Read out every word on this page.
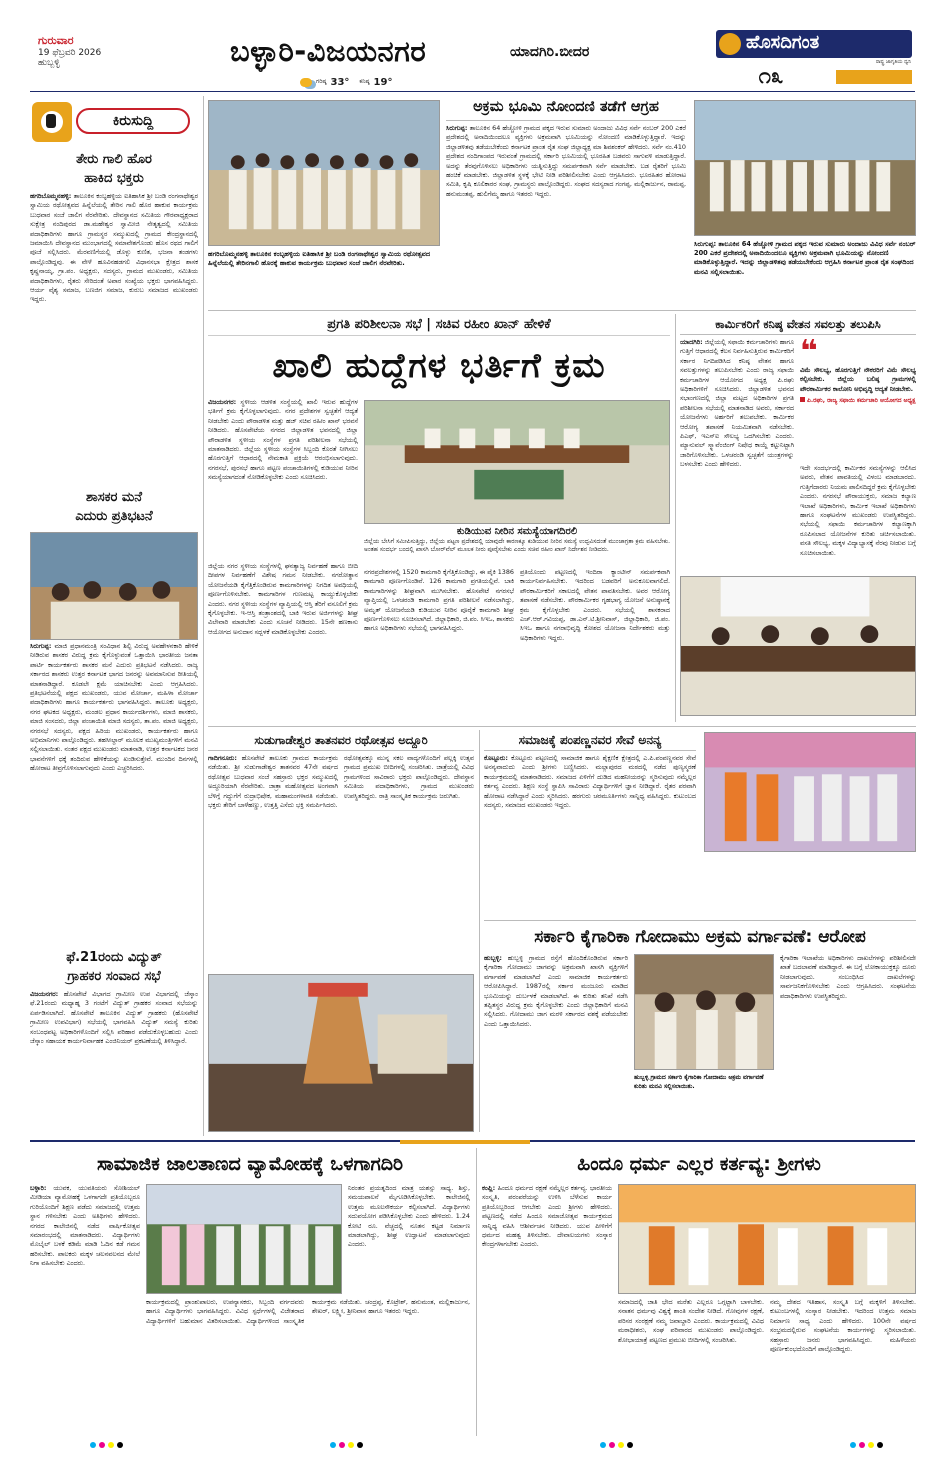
ಗುರುವಾರ
19 ಫೆಬ್ರವರಿ 2026
ಹುಬ್ಬಳ್ಳಿ	ಬಳ್ಳಾರಿ-ವಿಜಯನಗರ	ಯಾದಗಿರಿ.ಬೀದರ
ಗರಿಷ್ಠ 33° ಕನಿಷ್ಠ 19°
ಹೊಸದಿಗಂತ
ರಾಷ್ಟ್ರ ಜಾಗೃತಿಯ ಧ್ವನಿ
೧೩
ಕಿರುಸುದ್ದಿ
ತೇರು ಗಾಲಿ ಹೊರ
ಹಾಕಿದ ಭಕ್ತರು
ಹಗರಿಬೊಮ್ಮನಹಳ್ಳಿ: ತಾಲೂಕಿನ ಕಂಬ್ಳಹಳ್ಳಿಯ ಐತಿಹಾಸಿಕ ಶ್ರೀ ಬಂಡಿ ರಂಗನಾಥೇಶ್ವರ ಸ್ವಾಮಿಯ ರಥೋತ್ಸವದ ಹಿನ್ನೆಲೆಯಲ್ಲಿ ತೇರಿನ ಗಾಲಿ ಹೊರ ಹಾಕುವ ಕಾರ್ಯಕ್ರಮ ಬುಧವಾರ ಸಂಜೆ ಜಾಲಿಗ ನೆರವೇರಿತು. ದೇವಸ್ಥಾನದ ಸಮಿತಿಯ ಗೌರವಾಧ್ಯಕ್ಷರಾದ ಸುಕ್ಷೇತ್ರ ನಂದಿಪುರದ ಡಾ.ಮಹೇಶ್ವರ ಸ್ವಾಮೀಜಿ ನೇತೃತ್ವದಲ್ಲಿ ಸಮಿತಿಯ ಪದಾಧಿಕಾರಿಗಳು ಹಾಗೂ ಗ್ರಾಮಸ್ಥರ ಸಮ್ಮುಖದಲ್ಲಿ ಗ್ರಾಮದ ಕೇಂದ್ರಸ್ಥಾನದಲ್ಲಿ ಜಮಾಯಿಸಿ ದೇವಸ್ಥಾನದ ಮುಂಭಾಗದಲ್ಲಿ ಸಮಾವೇಶಗೊಂಡು ಹೊಸ ರಥದ ಗಾಲಿಗೆ ಪೂಜೆ ಸಲ್ಲಿಸಿದರು. ಮೆರವಣಿಗೆಯಲ್ಲಿ ಡೊಳ್ಳು ಕುಣಿತ, ಭಜನಾ ತಂಡಗಳು ಪಾಲ್ಗೊಂಡಿದ್ದವು. ಈ ವೇಳೆ ಹೂವಿನಹಡಗಲಿ ವಿಧಾನಸಭಾ ಕ್ಷೇತ್ರದ ಶಾಸಕ ಕೃಷ್ಣನಾಯ್ಕ, ಗ್ರಾ.ಪಂ. ಅಧ್ಯಕ್ಷರು, ಸದಸ್ಯರು, ಗ್ರಾಮದ ಮುಖಂಡರು, ಸಮಿತಿಯ ಪದಾಧಿಕಾರಿಗಳು, ರೈತರು ಸೇರಿದಂತೆ ಅಪಾರ ಸಂಖ್ಯೆಯ ಭಕ್ತರು ಭಾಗವಹಿಸಿದ್ದರು. ಆರ್ಯ ವೈಶ್ಯ ಸಮಾಜ, ಬಣಜಿಗ ಸಮಾಜ, ಕುರುಬ ಸಮಾಜದ ಮುಖಂಡರು ಇದ್ದರು.
ಶಾಸಕರ ಮನೆ
ಎದುರು ಪ್ರತಿಭಟನೆ
ಸಿರುಗುಪ್ಪ: ಮಾಜಿ ಪ್ರಧಾನಮಂತ್ರಿ ಸಂವಿಧಾನ ಶಿಲ್ಪಿ ವಿರುದ್ಧ ಅವಹೇಳನಕಾರಿ ಹೇಳಿಕೆ ನೀಡಿರುವ ಶಾಸಕರ ವಿರುದ್ಧ ಕ್ರಮ ಕೈಗೊಳ್ಳುವಂತೆ ಒತ್ತಾಯಿಸಿ ಭಾರತೀಯ ಜನತಾ ಪಾರ್ಟಿ ಕಾರ್ಯಕರ್ತರು ಶಾಸಕರ ಮನೆ ಎದುರು ಪ್ರತಿಭಟನೆ ನಡೆಸಿದರು. ರಾಜ್ಯ ಸರ್ಕಾರದ ಶಾಸಕರು ಉತ್ತರ ಕರ್ನಾಟಕ ಭಾಗದ ಜನರನ್ನು ಅವಮಾನಿಸುವ ರೀತಿಯಲ್ಲಿ ಮಾತನಾಡಿದ್ದಾರೆ. ಕೂಡಲೇ ಕ್ಷಮೆ ಯಾಚಿಸಬೇಕು ಎಂದು ಆಗ್ರಹಿಸಿದರು. ಪ್ರತಿಭಟನೆಯಲ್ಲಿ ಪಕ್ಷದ ಮುಖಂಡರು, ಯುವ ಮೋರ್ಚಾ, ಮಹಿಳಾ ಮೋರ್ಚಾ ಪದಾಧಿಕಾರಿಗಳು ಹಾಗೂ ಕಾರ್ಯಕರ್ತರು ಭಾಗವಹಿಸಿದ್ದರು. ತಾಲೂಕು ಅಧ್ಯಕ್ಷರು, ನಗರ ಘಟಕದ ಅಧ್ಯಕ್ಷರು, ಮಂಡಲ ಪ್ರಧಾನ ಕಾರ್ಯದರ್ಶಿಗಳು, ಮಾಜಿ ಶಾಸಕರು, ಮಾಜಿ ಸಂಸದರು, ಜಿಲ್ಲಾ ಪಂಚಾಯಿತಿ ಮಾಜಿ ಸದಸ್ಯರು, ತಾ.ಪಂ. ಮಾಜಿ ಅಧ್ಯಕ್ಷರು, ನಗರಸಭೆ ಸದಸ್ಯರು, ಪಕ್ಷದ ಹಿರಿಯ ಮುಖಂಡರು, ಕಾರ್ಯಕರ್ತರು ಹಾಗೂ ಅಭಿಮಾನಿಗಳು ಪಾಲ್ಗೊಂಡಿದ್ದರು. ತಹಸೀಲ್ದಾರ್ ಮೂಲಕ ಮುಖ್ಯಮಂತ್ರಿಗಳಿಗೆ ಮನವಿ ಸಲ್ಲಿಸಲಾಯಿತು. ನಂತರ ಪಕ್ಷದ ಮುಖಂಡರು ಮಾತನಾಡಿ, ಉತ್ತರ ಕರ್ನಾಟಕದ ಜನರ ಭಾವನೆಗಳಿಗೆ ಧಕ್ಕೆ ತಂದಿರುವ ಹೇಳಿಕೆಯನ್ನು ಖಂಡಿಸುತ್ತೇವೆ. ಮುಂದಿನ ದಿನಗಳಲ್ಲಿ ಹೋರಾಟ ತೀವ್ರಗೊಳಿಸಲಾಗುವುದು ಎಂದು ಎಚ್ಚರಿಸಿದರು.
ಫೆ.21ರಂದು ವಿದ್ಯುತ್
ಗ್ರಾಹಕರ ಸಂವಾದ ಸಭೆ
ವಿಜಯನಗರ: ಹೊಸಪೇಟೆ ವಿಭಾಗದ ಗ್ರಾಮೀಣ ಉಪ ವಿಭಾಗದಲ್ಲಿ ಜೆಸ್ಕಾಂ ಫೆ.21ರಂದು ಮಧ್ಯಾಹ್ನ 3 ಗಂಟೆಗೆ ವಿದ್ಯುತ್ ಗ್ರಾಹಕರ ಸಂವಾದ ಸಭೆಯನ್ನು ಏರ್ಪಡಿಸಲಾಗಿದೆ. ಹೊಸಪೇಟೆ ತಾಲೂಕಿನ ವಿದ್ಯುತ್ ಗ್ರಾಹಕರು (ಹೊಸಪೇಟೆ ಗ್ರಾಮೀಣ ಉಪವಿಭಾಗ) ಸಭೆಯಲ್ಲಿ ಭಾಗವಹಿಸಿ ವಿದ್ಯುತ್ ಸಮಸ್ಯೆ ಕುರಿತು ಸಂಬಂಧಪಟ್ಟ ಅಧಿಕಾರಿಗಳೊಂದಿಗೆ ಸಲ್ಲಿಸಿ ಪರಿಹಾರ ಪಡೆದುಕೊಳ್ಳಬಹುದು ಎಂದು ಜೆಸ್ಕಾಂ ಸಹಾಯಕ ಕಾರ್ಯನಿರ್ವಾಹಕ ಎಂಜಿನಿಯರ್ ಪ್ರಕಟಣೆಯಲ್ಲಿ ತಿಳಿಸಿದ್ದಾರೆ.
ಹಗರಿಬೊಮ್ಮನಹಳ್ಳಿ ತಾಲೂಕಿನ ಕಂಬ್ಳಹಳ್ಳಿಯ ಐತಿಹಾಸಿಕ ಶ್ರೀ ಬಂಡಿ ರಂಗನಾಥೇಶ್ವರ ಸ್ವಾಮಿಯ ರಥೋತ್ಸವದ ಹಿನ್ನೆಲೆಯಲ್ಲಿ ತೇರಿನಗಾಲಿ ಹೊರಕ್ಕೆ ಹಾಕುವ ಕಾರ್ಯಕ್ರಮ ಬುಧವಾರ ಸಂಜೆ ಜಾಲಿಗ ನೆರವೇರಿತು.
ಅಕ್ರಮ ಭೂಮಿ ನೋಂದಣಿ ತಡೆಗೆ ಆಗ್ರಹ
ಸಿರುಗುಪ್ಪ: ತಾಲೂಕಿನ 64 ಹೆಚ್ಚೋಳಿ ಗ್ರಾಮದ ಪಕ್ಕದ ಇರುವ ಸುಮಾರು ಅಂದಾಜು ವಿವಿಧ ಸರ್ವೆ ನಂಬರ್ 200 ಎಕರೆ ಪ್ರದೇಶದಲ್ಲಿ ಅನಾದಿಯಿಂದಲೂ ವ್ಯಕ್ತಿಗಳು ಅಕ್ರಮವಾಗಿ ಭೂಮಿಯನ್ನು ನೋಂದಣಿ ಮಾಡಿಕೊಳ್ಳುತ್ತಿದ್ದಾರೆ. ಇದನ್ನು ಜಿಲ್ಲಾಡಳಿತವು ತಡೆಯಬೇಕೆಂದು ಕರ್ನಾಟಕ ಪ್ರಾಂತ ರೈತ ಸಂಘ ಜಿಲ್ಲಾಧ್ಯಕ್ಷ ಮಾ ಶಿವಶಂಕರ್ ಹೇಳಿದರು. ಸರ್ವೆ ನಂ.410 ಪ್ರದೇಶದ ನಂದಿಗಾಂಪದ ಇರುವಂತೆ ಗ್ರಾಮದಲ್ಲಿ ಸರ್ಕಾರಿ ಭೂಮಿಯಲ್ಲಿ ಭೂರಹಿತ ಬಡವರು ಸಾಗುವಳಿ ಮಾಡುತ್ತಿದ್ದಾರೆ. ಅದನ್ನು ತೆರವುಗೊಳಿಸಲು ಅಧಿಕಾರಿಗಳು ಯತ್ನಿಸುತ್ತಿದ್ದು ಸಮರ್ಪಕವಾಗಿ ಸರ್ವೆ ಮಾಡಬೇಕು. ಬಡ ರೈತರಿಗೆ ಭೂಮಿ ಹಂಚಿಕೆ ಮಾಡಬೇಕು. ಜಿಲ್ಲಾಡಳಿತ ಸ್ಥಳಕ್ಕೆ ಭೇಟಿ ನೀಡಿ ಪರಿಶೀಲಿಸಬೇಕು ಎಂದು ಆಗ್ರಹಿಸಿದರು. ಭೂರಹಿತರ ಹೋರಾಟ ಸಮಿತಿ, ಕೃಷಿ ಕೂಲಿಕಾರರ ಸಂಘ, ಗ್ರಾಮಸ್ಥರು ಪಾಲ್ಗೊಂಡಿದ್ದರು. ಸಂಘದ ಸದಸ್ಯರಾದ ಗಂಗಪ್ಪ, ಮಲ್ಲಿಕಾರ್ಜುನ, ರಾಮಪ್ಪ, ಹನುಮಂತಪ್ಪ, ಹುಲಿಗೆಮ್ಮ ಹಾಗೂ ಇತರರು ಇದ್ದರು.
ಸಿರುಗುಪ್ಪ: ತಾಲೂಕಿನ 64 ಹೆಚ್ಚೋಳಿ ಗ್ರಾಮದ ಪಕ್ಕದ ಇರುವ ಸುಮಾರು ಅಂದಾಜು ವಿವಿಧ ಸರ್ವೆ ನಂಬರ್ 200 ಎಕರೆ ಪ್ರದೇಶದಲ್ಲಿ ಅನಾದಿಯಿಂದಲೂ ವ್ಯಕ್ತಿಗಳು ಅಕ್ರಮವಾಗಿ ಭೂಮಿಯನ್ನು ನೋಂದಣಿ ಮಾಡಿಕೊಳ್ಳುತ್ತಿದ್ದಾರೆ. ಇದನ್ನು ಜಿಲ್ಲಾಡಳಿತವು ತಡೆಯಬೇಕೆಂದು ಆಗ್ರಹಿಸಿ ಕರ್ನಾಟಕ ಪ್ರಾಂತ ರೈತ ಸಂಘದಿಂದ ಮನವಿ ಸಲ್ಲಿಸಲಾಯಿತು.
ಪ್ರಗತಿ ಪರಿಶೀಲನಾ ಸಭೆ | ಸಚಿವ ರಹೀಂ ಖಾನ್ ಹೇಳಿಕೆ
ಖಾಲಿ ಹುದ್ದೆಗಳ ಭರ್ತಿಗೆ ಕ್ರಮ
ವಿಜಯನಗರ: ಸ್ಥಳೀಯ ಆಡಳಿತ ಸಂಸ್ಥೆಯಲ್ಲಿ ಖಾಲಿ ಇರುವ ಹುದ್ದೆಗಳ ಭರ್ತಿಗೆ ಕ್ರಮ ಕೈಗೊಳ್ಳಲಾಗುವುದು. ನಗರ ಪ್ರದೇಶಗಳ ಸ್ವಚ್ಛತೆಗೆ ಆದ್ಯತೆ ನೀಡಬೇಕು ಎಂದು ಪೌರಾಡಳಿತ ಮತ್ತು ಹಜ್ ಸಚಿವ ರಹೀಂ ಖಾನ್ ಭರವಸೆ ನೀಡಿದರು. ಹೊಸಪೇಟೆಯ ನಗರದ ಜಿಲ್ಲಾಡಳಿತ ಭವನದಲ್ಲಿ ಜಿಲ್ಲಾ ಪೌರಾಡಳಿತ ಸ್ಥಳೀಯ ಸಂಸ್ಥೆಗಳ ಪ್ರಗತಿ ಪರಿಶೀಲನಾ ಸಭೆಯಲ್ಲಿ ಮಾತನಾಡಿದರು. ಜಿಲ್ಲೆಯ ಸ್ಥಳೀಯ ಸಂಸ್ಥೆಗಳ ಸಿಬ್ಬಂದಿ ಕೊರತೆ ನೀಗಿಸಲು ಹೊರಗುತ್ತಿಗೆ ಆಧಾರದಲ್ಲಿ ನೇಮಕಾತಿ ಪ್ರಕ್ರಿಯೆ ಆರಂಭಿಸಲಾಗುವುದು. ನಗರಸಭೆ, ಪುರಸಭೆ ಹಾಗೂ ಪಟ್ಟಣ ಪಂಚಾಯಿತಿಗಳಲ್ಲಿ ಕುಡಿಯುವ ನೀರಿನ ಸಮಸ್ಯೆಯಾಗದಂತೆ ನೋಡಿಕೊಳ್ಳಬೇಕು ಎಂದು ಸೂಚಿಸಿದರು.
ಕುಡಿಯುವ ನೀರಿನ ಸಮಸ್ಯೆಯಾಗದಿರಲಿ
ಜಿಲ್ಲೆಯ ಬೇಸಿಗೆ ಸಮೀಪಿಸುತ್ತಿದ್ದು, ಜಿಲ್ಲೆಯ ಪಟ್ಟಣ ಪ್ರದೇಶದಲ್ಲಿ ಯಾವುದೇ ಕಾರಣಕ್ಕೂ ಕುಡಿಯುವ ನೀರಿನ ಸಮಸ್ಯೆ ಉದ್ಭವಿಸದಂತೆ ಮುಂಜಾಗ್ರತಾ ಕ್ರಮ ವಹಿಸಬೇಕು. ಅಂತಹ ಸಂದರ್ಭ ಬಂದಲ್ಲಿ ಖಾಸಗಿ ಬೋರ್‌ವೆಲ್ ಮೂಲಕ ನೀರು ಪೂರೈಸಬೇಕು ಎಂದು ಸಚಿವ ರಹೀಂ ಖಾನ್ ನಿರ್ದೇಶನ ನೀಡಿದರು.
ಜಿಲ್ಲೆಯ ನಗರ ಸ್ಥಳೀಯ ಸಂಸ್ಥೆಗಳಲ್ಲಿ ಘನತ್ಯಾಜ್ಯ ನಿರ್ವಹಣೆ ಹಾಗೂ ಬೀದಿ ದೀಪಗಳ ನಿರ್ವಹಣೆಗೆ ವಿಶೇಷ ಗಮನ ನೀಡಬೇಕು. ನಗರೋತ್ಥಾನ ಯೋಜನೆಯಡಿ ಕೈಗೆತ್ತಿಕೊಂಡಿರುವ ಕಾಮಗಾರಿಗಳನ್ನು ನಿಗದಿತ ಅವಧಿಯಲ್ಲಿ ಪೂರ್ಣಗೊಳಿಸಬೇಕು. ಕಾಮಗಾರಿಗಳ ಗುಣಮಟ್ಟ ಕಾಯ್ದುಕೊಳ್ಳಬೇಕು ಎಂದರು. ನಗರ ಸ್ಥಳೀಯ ಸಂಸ್ಥೆಗಳ ವ್ಯಾಪ್ತಿಯಲ್ಲಿ ಆಸ್ತಿ ತೆರಿಗೆ ವಸೂಲಿಗೆ ಕ್ರಮ ಕೈಗೊಳ್ಳಬೇಕು. ಇ-ಆಸ್ತಿ ತಂತ್ರಾಂಶದಲ್ಲಿ ಬಾಕಿ ಇರುವ ಅರ್ಜಿಗಳನ್ನು ಶೀಘ್ರ ವಿಲೇವಾರಿ ಮಾಡಬೇಕು ಎಂದು ಸೂಚನೆ ನೀಡಿದರು. 15ನೇ ಹಣಕಾಸು ಆಯೋಗದ ಅನುದಾನ ಸದ್ಬಳಕೆ ಮಾಡಿಕೊಳ್ಳಬೇಕು ಎಂದರು.
ನಗರಪ್ರದೇಶಗಳಲ್ಲಿ 1520 ಕಾಮಗಾರಿ ಕೈಗೆತ್ತಿಕೊಂಡಿದ್ದು, ಈ ಪೈಕಿ 1386 ಕಾಮಗಾರಿ ಪೂರ್ಣಗೊಂಡಿವೆ. 126 ಕಾಮಗಾರಿ ಪ್ರಗತಿಯಲ್ಲಿವೆ. ಬಾಕಿ ಕಾಮಗಾರಿಗಳನ್ನು ಶೀಘ್ರವಾಗಿ ಮುಗಿಸಬೇಕು. ಹೊಸಪೇಟೆ ನಗರಸಭೆ ವ್ಯಾಪ್ತಿಯಲ್ಲಿ ಒಳಚರಂಡಿ ಕಾಮಗಾರಿ ಪ್ರಗತಿ ಪರಿಶೀಲನೆ ನಡೆಸಲಾಗಿದ್ದು, ಅಮೃತ್ ಯೋಜನೆಯಡಿ ಕುಡಿಯುವ ನೀರಿನ ಪೂರೈಕೆ ಕಾಮಗಾರಿ ಶೀಘ್ರ ಪೂರ್ಣಗೊಳಿಸಲು ಸೂಚಿಸಲಾಗಿದೆ. ಜಿಲ್ಲಾಧಿಕಾರಿ, ಜಿ.ಪಂ. ಸಿಇಒ, ಶಾಸಕರು ಹಾಗೂ ಅಧಿಕಾರಿಗಳು ಸಭೆಯಲ್ಲಿ ಭಾಗವಹಿಸಿದ್ದರು.
ಪ್ರತಿಯೊಂದು ಪಟ್ಟಣದಲ್ಲಿ ಇಂದಿರಾ ಕ್ಯಾಂಟೀನ್ ಸಮರ್ಪಕವಾಗಿ ಕಾರ್ಯನಿರ್ವಹಿಸಬೇಕು. ಇದರಿಂದ ಬಡವರಿಗೆ ಅನುಕೂಲವಾಗಲಿದೆ. ಪೌರಕಾರ್ಮಿಕರಿಗೆ ಸಕಾಲದಲ್ಲಿ ವೇತನ ಪಾವತಿಸಬೇಕು. ಅವರ ಆರೋಗ್ಯ ತಪಾಸಣೆ ನಡೆಸಬೇಕು. ಪೌರಕಾರ್ಮಿಕರ ಗೃಹಭಾಗ್ಯ ಯೋಜನೆ ಅನುಷ್ಠಾನಕ್ಕೆ ಕ್ರಮ ಕೈಗೊಳ್ಳಬೇಕು ಎಂದರು. ಸಭೆಯಲ್ಲಿ ಶಾಸಕರಾದ ಎಚ್.ಆರ್.ಗವಿಯಪ್ಪ, ಡಾ.ಎನ್.ಟಿ.ಶ್ರೀನಿವಾಸ್, ಜಿಲ್ಲಾಧಿಕಾರಿ, ಜಿ.ಪಂ. ಸಿಇಒ ಹಾಗೂ ನಗರಾಭಿವೃದ್ಧಿ ಕೋಶದ ಯೋಜನಾ ನಿರ್ದೇಶಕರು ಮತ್ತು ಅಧಿಕಾರಿಗಳು ಇದ್ದರು.
ಕಾರ್ಮಿಕರಿಗೆ ಕನಿಷ್ಠ ವೇತನ ಸವಲತ್ತು ತಲುಪಿಸಿ
ಯಾದಗಿರಿ: ಜಿಲ್ಲೆಯಲ್ಲಿ ಸಫಾಯಿ ಕರ್ಮಚಾರಿಗಳು ಹಾಗೂ ಗುತ್ತಿಗೆ ಆಧಾರದಲ್ಲಿ ಕೆಲಸ ನಿರ್ವಹಿಸುತ್ತಿರುವ ಕಾರ್ಮಿಕರಿಗೆ ಸರ್ಕಾರ ನಿಗದಿಪಡಿಸಿದ ಕನಿಷ್ಠ ವೇತನ ಹಾಗೂ ಸವಲತ್ತುಗಳನ್ನು ತಲುಪಿಸಬೇಕು ಎಂದು ರಾಜ್ಯ ಸಫಾಯಿ ಕರ್ಮಚಾರಿಗಳ ಆಯೋಗದ ಅಧ್ಯಕ್ಷ ಪಿ.ರಘು ಅಧಿಕಾರಿಗಳಿಗೆ ಸೂಚಿಸಿದರು. ಜಿಲ್ಲಾಡಳಿತ ಭವನದ ಸಭಾಂಗಣದಲ್ಲಿ ಜಿಲ್ಲಾ ಮಟ್ಟದ ಅಧಿಕಾರಿಗಳ ಪ್ರಗತಿ ಪರಿಶೀಲನಾ ಸಭೆಯಲ್ಲಿ ಮಾತನಾಡಿದ ಅವರು, ಸರ್ಕಾರದ ಯೋಜನೆಗಳು ಅರ್ಹರಿಗೆ ತಲುಪಬೇಕು. ಕಾರ್ಮಿಕರ ಆರೋಗ್ಯ ತಪಾಸಣೆ ನಿಯಮಿತವಾಗಿ ನಡೆಸಬೇಕು. ಪಿಎಫ್, ಇಎಸ್ಐ ಸೌಲಭ್ಯ ಒದಗಿಸಬೇಕು ಎಂದರು. ಮ್ಯಾನುವಲ್ ಸ್ಕ್ಯಾವೆಂಜಿಂಗ್ ನಿಷೇಧ ಕಾಯ್ದೆ ಕಟ್ಟುನಿಟ್ಟಾಗಿ ಜಾರಿಗೊಳಿಸಬೇಕು. ಒಳಚರಂಡಿ ಸ್ವಚ್ಛತೆಗೆ ಯಂತ್ರಗಳನ್ನು ಬಳಸಬೇಕು ಎಂದು ಹೇಳಿದರು.
❝
ವಿಮೆ ಸೌಲಭ್ಯ, ಹೊರಗುತ್ತಿಗೆ ನೌಕರರಿಗೆ ವಿಮೆ ಸೌಲಭ್ಯ ಕಲ್ಪಿಸಬೇಕು. ಜಿಲ್ಲೆಯ ಬಲಿಷ್ಠ ಗ್ರಾಮಗಳಲ್ಲಿ ಪೌರಕಾರ್ಮಿಕರ ಕಾಲೋನಿ ಅಭಿವೃದ್ಧಿ ಆದ್ಯತೆ ನೀಡಬೇಕು.
ಪಿ.ರಘು, ರಾಜ್ಯ ಸಫಾಯಿ ಕರ್ಮಚಾರಿ ಆಯೋಗದ ಅಧ್ಯಕ್ಷ
ಇದೇ ಸಂದರ್ಭದಲ್ಲಿ ಕಾರ್ಮಿಕರ ಸಮಸ್ಯೆಗಳನ್ನು ಆಲಿಸಿದ ಅವರು, ವೇತನ ಪಾವತಿಯಲ್ಲಿ ವಿಳಂಬ ಮಾಡಬಾರದು. ಗುತ್ತಿಗೆದಾರರು ನಿಯಮ ಪಾಲಿಸದಿದ್ದರೆ ಕ್ರಮ ಕೈಗೊಳ್ಳಬೇಕು ಎಂದರು. ನಗರಸಭೆ ಪೌರಾಯುಕ್ತರು, ಸಮಾಜ ಕಲ್ಯಾಣ ಇಲಾಖೆ ಅಧಿಕಾರಿಗಳು, ಕಾರ್ಮಿಕ ಇಲಾಖೆ ಅಧಿಕಾರಿಗಳು ಹಾಗೂ ಸಂಘಟನೆಗಳ ಮುಖಂಡರು ಉಪಸ್ಥಿತರಿದ್ದರು. ಸಭೆಯಲ್ಲಿ ಸಫಾಯಿ ಕರ್ಮಚಾರಿಗಳ ಕಲ್ಯಾಣಕ್ಕಾಗಿ ರೂಪಿಸಲಾದ ಯೋಜನೆಗಳ ಕುರಿತು ಚರ್ಚಿಸಲಾಯಿತು. ವಸತಿ ಸೌಲಭ್ಯ, ಮಕ್ಕಳ ವಿದ್ಯಾಭ್ಯಾಸಕ್ಕೆ ನೆರವು ನೀಡುವ ಬಗ್ಗೆ ಸೂಚಿಸಲಾಯಿತು.
ಸುಡುಗಾಡೇಶ್ವರ ತಾತನವರ ರಥೋತ್ಸವ ಅದ್ದೂರಿ
ಗಾದಿಗನೂರು: ಹೊಸಪೇಟೆ ತಾಲೂಕು ಗ್ರಾಮದ ಕಾರ್ಯಕ್ರಮ ನಡೆಯಿತು. ಶ್ರೀ ಸುಡುಗಾಡೇಶ್ವರ ತಾತನವರ 47ನೇ ವರ್ಷದ ರಥೋತ್ಸವ ಬುಧವಾರ ಸಂಜೆ ಸಹಸ್ರಾರು ಭಕ್ತರ ಸಮ್ಮುಖದಲ್ಲಿ ಅದ್ದೂರಿಯಾಗಿ ನೆರವೇರಿತು. ಜಾತ್ರಾ ಮಹೋತ್ಸವದ ಅಂಗವಾಗಿ ಬೆಳಿಗ್ಗೆ ಗದ್ದುಗೆಗೆ ರುದ್ರಾಭಿಷೇಕ, ಮಹಾಮಂಗಳಾರತಿ ನಡೆಯಿತು. ಭಕ್ತರು ತೇರಿಗೆ ಬಾಳೆಹಣ್ಣು, ಉತ್ತತ್ತಿ ಎಸೆದು ಭಕ್ತಿ ಸಮರ್ಪಿಸಿದರು.
ರಥೋತ್ಸವಕ್ಕೂ ಮುನ್ನ ಸಕಲ ವಾದ್ಯಗಳೊಂದಿಗೆ ಪಲ್ಲಕ್ಕಿ ಉತ್ಸವ ಗ್ರಾಮದ ಪ್ರಮುಖ ಬೀದಿಗಳಲ್ಲಿ ಸಂಚರಿಸಿತು. ಜಾತ್ರೆಯಲ್ಲಿ ವಿವಿಧ ಗ್ರಾಮಗಳಿಂದ ಸಾವಿರಾರು ಭಕ್ತರು ಪಾಲ್ಗೊಂಡಿದ್ದರು. ದೇವಸ್ಥಾನ ಸಮಿತಿಯ ಪದಾಧಿಕಾರಿಗಳು, ಗ್ರಾಮದ ಮುಖಂಡರು ಉಪಸ್ಥಿತರಿದ್ದರು. ರಾತ್ರಿ ಸಾಂಸ್ಕೃತಿಕ ಕಾರ್ಯಕ್ರಮ ಜರುಗಿತು.
ಸಮಾಜಕ್ಕೆ ಪಂಪಣ್ಣನವರ ಸೇವೆ ಅನನ್ಯ
ಕೊಟ್ಟೂರು: ಕೊಟ್ಟೂರು ಪಟ್ಟಣದಲ್ಲಿ ಸಾಮಾಜಿಕ ಹಾಗೂ ಶೈಕ್ಷಣಿಕ ಕ್ಷೇತ್ರದಲ್ಲಿ ಎ.ಪಿ.ಪಂಪಣ್ಣನವರ ಸೇವೆ ಅನನ್ಯವಾದುದು ಎಂದು ಶ್ರೀಗಳು ಬಣ್ಣಿಸಿದರು. ಮಲ್ಲಾಪುರದ ಮಠದಲ್ಲಿ ನಡೆದ ಪುಣ್ಯಸ್ಮರಣೆ ಕಾರ್ಯಕ್ರಮದಲ್ಲಿ ಮಾತನಾಡಿದರು. ಸಮಾಜದ ಏಳಿಗೆಗೆ ದುಡಿದ ಮಹನೀಯರನ್ನು ಸ್ಮರಿಸುವುದು ನಮ್ಮೆಲ್ಲರ ಕರ್ತವ್ಯ ಎಂದರು. ಶಿಕ್ಷಣ ಸಂಸ್ಥೆ ಸ್ಥಾಪಿಸಿ ಸಾವಿರಾರು ವಿದ್ಯಾರ್ಥಿಗಳಿಗೆ ಜ್ಞಾನ ನೀಡಿದ್ದಾರೆ. ರೈತರ ಪರವಾಗಿ ಹೋರಾಟ ನಡೆಸಿದ್ದಾರೆ ಎಂದು ಸ್ಮರಿಸಿದರು. ಹರಗುರು ಚರಮೂರ್ತಿಗಳು ಸಾನ್ನಿಧ್ಯ ವಹಿಸಿದ್ದರು. ಕುಟುಂಬದ ಸದಸ್ಯರು, ಸಮಾಜದ ಮುಖಂಡರು ಇದ್ದರು.
ಸರ್ಕಾರಿ ಕೈಗಾರಿಕಾ ಗೋದಾಮು ಅಕ್ರಮ ವರ್ಗಾವಣೆ: ಆರೋಪ
ಹುಬ್ಬಳ್ಳಿ: ಹುಬ್ಬಳ್ಳಿ ಗ್ರಾಮದ ರಸ್ತೆಗೆ ಹೊಂದಿಕೊಂಡಿರುವ ಸರ್ಕಾರಿ ಕೈಗಾರಿಕಾ ಗೋದಾಮು ಜಾಗವನ್ನು ಅಕ್ರಮವಾಗಿ ಖಾಸಗಿ ವ್ಯಕ್ತಿಗಳಿಗೆ ವರ್ಗಾವಣೆ ಮಾಡಲಾಗಿದೆ ಎಂದು ಸಾಮಾಜಿಕ ಕಾರ್ಯಕರ್ತರು ಆರೋಪಿಸಿದ್ದಾರೆ. 1987ರಲ್ಲಿ ಸರ್ಕಾರ ಮಂಜೂರು ಮಾಡಿದ ಭೂಮಿಯನ್ನು ದುರ್ಬಳಕೆ ಮಾಡಲಾಗಿದೆ. ಈ ಕುರಿತು ತನಿಖೆ ನಡೆಸಿ ತಪ್ಪಿತಸ್ಥರ ವಿರುದ್ಧ ಕ್ರಮ ಕೈಗೊಳ್ಳಬೇಕು ಎಂದು ಜಿಲ್ಲಾಧಿಕಾರಿಗೆ ಮನವಿ ಸಲ್ಲಿಸಿದರು. ಗೋದಾಮು ಜಾಗ ಮರಳಿ ಸರ್ಕಾರದ ವಶಕ್ಕೆ ಪಡೆಯಬೇಕು ಎಂದು ಒತ್ತಾಯಿಸಿದರು.
ಹುಬ್ಬಳ್ಳಿ ಗ್ರಾಮದ ಸರ್ಕಾರಿ ಕೈಗಾರಿಕಾ ಗೋದಾಮು ಅಕ್ರಮ ವರ್ಗಾವಣೆ ಕುರಿತು ಮನವಿ ಸಲ್ಲಿಸಲಾಯಿತು.
ಕೈಗಾರಿಕಾ ಇಲಾಖೆಯ ಅಧಿಕಾರಿಗಳು ದಾಖಲೆಗಳನ್ನು ಪರಿಶೀಲಿಸದೇ ಖಾತೆ ಬದಲಾವಣೆ ಮಾಡಿದ್ದಾರೆ. ಈ ಬಗ್ಗೆ ಲೋಕಾಯುಕ್ತಕ್ಕೂ ದೂರು ನೀಡಲಾಗುವುದು. ಸಂಬಂಧಿಸಿದ ದಾಖಲೆಗಳನ್ನು ಸಾರ್ವಜನಿಕಗೊಳಿಸಬೇಕು ಎಂದು ಆಗ್ರಹಿಸಿದರು. ಸಂಘಟನೆಯ ಪದಾಧಿಕಾರಿಗಳು ಉಪಸ್ಥಿತರಿದ್ದರು.
ಸಾಮಾಜಿಕ ಜಾಲತಾಣದ ವ್ಯಾಮೋಹಕ್ಕೆ ಒಳಗಾಗದಿರಿ
ಬಳ್ಳಾರಿ: ಯುವಕ, ಯುವತಿಯರು ಸೋಶಿಯಲ್ ಮೀಡಿಯಾ ವ್ಯಾಮೋಹಕ್ಕೆ ಒಳಗಾಗದೇ ಪ್ರತಿಯೊಬ್ಬರೂ ಗುರಿಯೊಂದಿಗೆ ಶಿಕ್ಷಣ ಪಡೆದು ಸಮಾಜದಲ್ಲಿ ಉತ್ತಮ ಸ್ಥಾನ ಗಳಿಸಬೇಕು ಎಂದು ಅತಿಥಿಗಳು ಹೇಳಿದರು. ನಗರದ ಕಾಲೇಜಿನಲ್ಲಿ ನಡೆದ ವಾರ್ಷಿಕೋತ್ಸವ ಸಮಾರಂಭದಲ್ಲಿ ಮಾತನಾಡಿದರು. ವಿದ್ಯಾರ್ಥಿಗಳು ಮೊಬೈಲ್ ಬಳಕೆ ಕಡಿಮೆ ಮಾಡಿ ಓದಿನ ಕಡೆ ಗಮನ ಹರಿಸಬೇಕು. ಪಾಲಕರು ಮಕ್ಕಳ ಚಲನವಲನದ ಮೇಲೆ ನಿಗಾ ವಹಿಸಬೇಕು ಎಂದರು.
ನಿರಂತರ ಪ್ರಯತ್ನದಿಂದ ಮಾತ್ರ ಯಶಸ್ಸು ಸಾಧ್ಯ. ಶಿಸ್ತು, ಸಮಯಪಾಲನೆ ಮೈಗೂಡಿಸಿಕೊಳ್ಳಬೇಕು. ಕಾಲೇಜಿನಲ್ಲಿ ಉತ್ತಮ ಮೂಲಸೌಕರ್ಯ ಕಲ್ಪಿಸಲಾಗಿದೆ. ವಿದ್ಯಾರ್ಥಿಗಳು ಸದುಪಯೋಗ ಪಡಿಸಿಕೊಳ್ಳಬೇಕು ಎಂದು ಹೇಳಿದರು. 1.24 ಕೋಟಿ ರೂ. ವೆಚ್ಚದಲ್ಲಿ ನೂತನ ಕಟ್ಟಡ ನಿರ್ಮಾಣ ಮಾಡಲಾಗಿದ್ದು, ಶೀಘ್ರ ಉದ್ಘಾಟನೆ ಮಾಡಲಾಗುವುದು ಎಂದರು.
ಕಾರ್ಯಕ್ರಮದಲ್ಲಿ ಪ್ರಾಂಶುಪಾಲರು, ಉಪನ್ಯಾಸಕರು, ಸಿಬ್ಬಂದಿ ವರ್ಗದವರು ಹಾಗೂ ವಿದ್ಯಾರ್ಥಿಗಳು ಭಾಗವಹಿಸಿದ್ದರು. ವಿವಿಧ ಸ್ಪರ್ಧೆಗಳಲ್ಲಿ ವಿಜೇತರಾದ ವಿದ್ಯಾರ್ಥಿಗಳಿಗೆ ಬಹುಮಾನ ವಿತರಿಸಲಾಯಿತು. ವಿದ್ಯಾರ್ಥಿಗಳಿಂದ ಸಾಂಸ್ಕೃತಿಕ ಕಾರ್ಯಕ್ರಮ ನಡೆಯಿತು. ಚಂದ್ರಪ್ಪ, ಕೊಟ್ರೇಶ್, ಹನುಮಂತ, ಮಲ್ಲಿಕಾರ್ಜುನ, ಶೇಖರ್, ಲಕ್ಷ್ಮೀ, ಶ್ರೀನಿವಾಸ ಹಾಗೂ ಇತರರು ಇದ್ದರು.
ಹಿಂದೂ ಧರ್ಮ ಎಲ್ಲರ ಕರ್ತವ್ಯ: ಶ್ರೀಗಳು
ಕಂಪ್ಲಿ: ಹಿಂದೂ ಧರ್ಮದ ರಕ್ಷಣೆ ನಮ್ಮೆಲ್ಲರ ಕರ್ತವ್ಯ. ಭಾರತೀಯ ಸಂಸ್ಕೃತಿ, ಪರಂಪರೆಯನ್ನು ಉಳಿಸಿ ಬೆಳೆಸುವ ಕಾರ್ಯ ಪ್ರತಿಯೊಬ್ಬರಿಂದ ಆಗಬೇಕು ಎಂದು ಶ್ರೀಗಳು ಹೇಳಿದರು. ಪಟ್ಟಣದಲ್ಲಿ ನಡೆದ ಹಿಂದೂ ಸಮಾಜೋತ್ಸವ ಕಾರ್ಯಕ್ರಮದ ಸಾನ್ನಿಧ್ಯ ವಹಿಸಿ ಆಶೀರ್ವಚನ ನೀಡಿದರು. ಯುವ ಪೀಳಿಗೆಗೆ ಧರ್ಮದ ಮಹತ್ವ ತಿಳಿಸಬೇಕು. ದೇವಾಲಯಗಳು ಸಂಸ್ಕಾರ ಕೇಂದ್ರಗಳಾಗಬೇಕು ಎಂದರು.
ಸಮಾಜದಲ್ಲಿ ಜಾತಿ ಭೇದ ಮರೆತು ಎಲ್ಲರೂ ಒಗ್ಗಟ್ಟಾಗಿ ಬಾಳಬೇಕು. ಸನಾತನ ಧರ್ಮವು ವಿಶ್ವಕ್ಕೆ ಶಾಂತಿ ಸಂದೇಶ ನೀಡಿದೆ. ಗೋವುಗಳ ರಕ್ಷಣೆ, ಪರಿಸರ ಸಂರಕ್ಷಣೆ ನಮ್ಮ ಜವಾಬ್ದಾರಿ ಎಂದರು. ಕಾರ್ಯಕ್ರಮದಲ್ಲಿ ವಿವಿಧ ಮಠಾಧೀಶರು, ಸಂಘ ಪರಿವಾರದ ಮುಖಂಡರು ಪಾಲ್ಗೊಂಡಿದ್ದರು. ಶೋಭಾಯಾತ್ರೆ ಪಟ್ಟಣದ ಪ್ರಮುಖ ಬೀದಿಗಳಲ್ಲಿ ಸಂಚರಿಸಿತು.
ನಮ್ಮ ದೇಶದ ಇತಿಹಾಸ, ಸಂಸ್ಕೃತಿ ಬಗ್ಗೆ ಮಕ್ಕಳಿಗೆ ತಿಳಿಸಬೇಕು. ಕುಟುಂಬಗಳಲ್ಲಿ ಸಂಸ್ಕಾರ ನೀಡಬೇಕು. ಇದರಿಂದ ಉತ್ತಮ ಸಮಾಜ ನಿರ್ಮಾಣ ಸಾಧ್ಯ ಎಂದು ಹೇಳಿದರು. 100ನೇ ವರ್ಷದ ಸಂಭ್ರಮದಲ್ಲಿರುವ ಸಂಘಟನೆಯ ಕಾರ್ಯಗಳನ್ನು ಸ್ಮರಿಸಲಾಯಿತು. ಸಹಸ್ರಾರು ಜನರು ಭಾಗವಹಿಸಿದ್ದರು. ಮಹಿಳೆಯರು ಪೂರ್ಣಕುಂಭದೊಂದಿಗೆ ಪಾಲ್ಗೊಂಡಿದ್ದರು.
